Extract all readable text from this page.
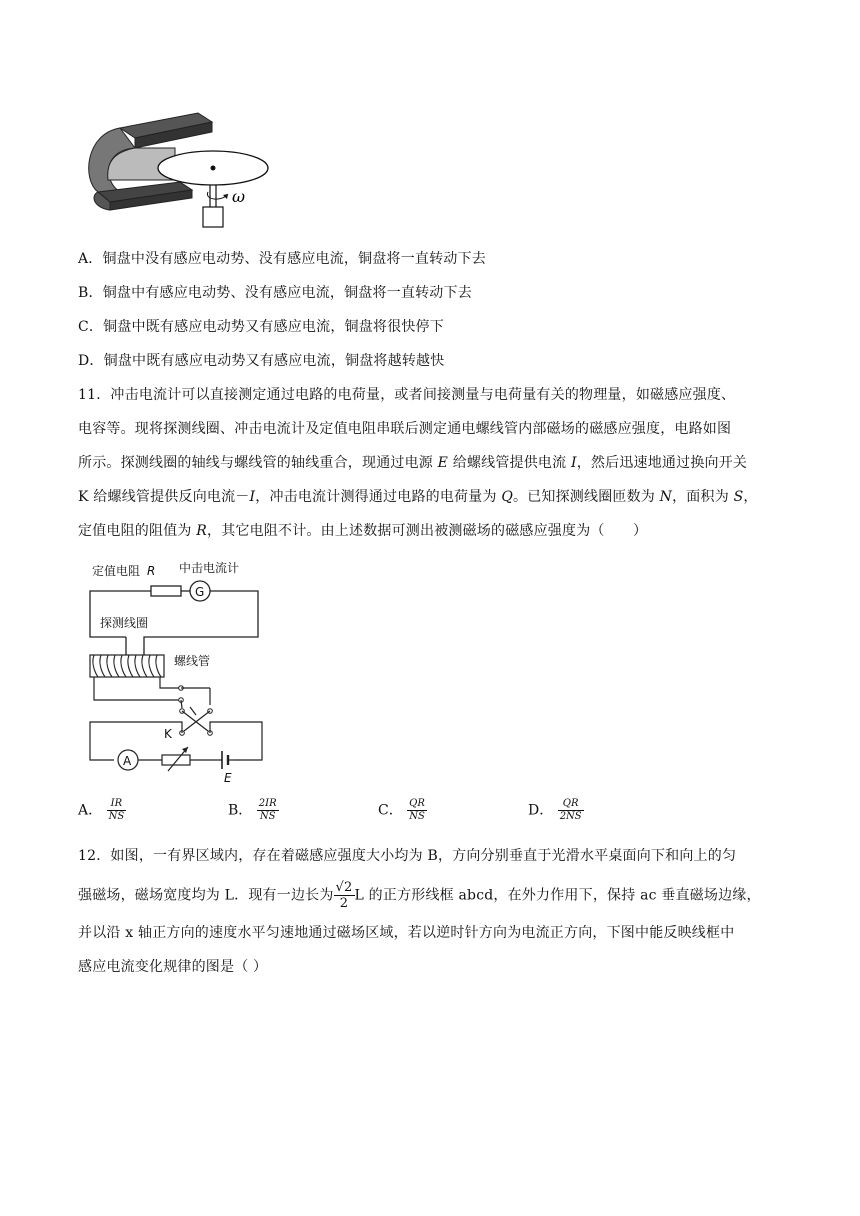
ω
A．铜盘中没有感应电动势、没有感应电流，铜盘将一直转动下去
B．铜盘中有感应电动势、没有感应电流，铜盘将一直转动下去
C．铜盘中既有感应电动势又有感应电流，铜盘将很快停下
D．铜盘中既有感应电动势又有感应电流，铜盘将越转越快
11．冲击电流计可以直接测定通过电路的电荷量，或者间接测量与电荷量有关的物理量，如磁感应强度、
电容等。现将探测线圈、冲击电流计及定值电阻串联后测定通电螺线管内部磁场的磁感应强度，电路如图
所示。探测线圈的轴线与螺线管的轴线重合，现通过电源 E 给螺线管提供电流 I，然后迅速地通过换向开关
K 给螺线管提供反向电流－I，冲击电流计测得通过电路的电荷量为 Q。已知探测线圈匝数为 N，面积为 S，
定值电阻的阻值为 R，其它电阻不计。由上述数据可测出被测磁场的磁感应强度为（　　）
定值电阻 R 中击电流计
G
探测线圈
螺线管
K
A
E
A． $\frac{IR}{NS}$	B． $\frac{2IR}{NS}$	C． $\frac{QR}{NS}$	D． $\frac{QR}{2NS}$
12．如图，一有界区域内，存在着磁感应强度大小均为 B，方向分别垂直于光滑水平桌面向下和向上的匀
强磁场，磁场宽度均为 L．现有一边长为 $\frac{√2}{2}$ L 的正方形线框 abcd，在外力作用下，保持 ac 垂直磁场边缘，
并以沿 x 轴正方向的速度水平匀速地通过磁场区域，若以逆时针方向为电流正方向，下图中能反映线框中
感应电流变化规律的图是（ ）
